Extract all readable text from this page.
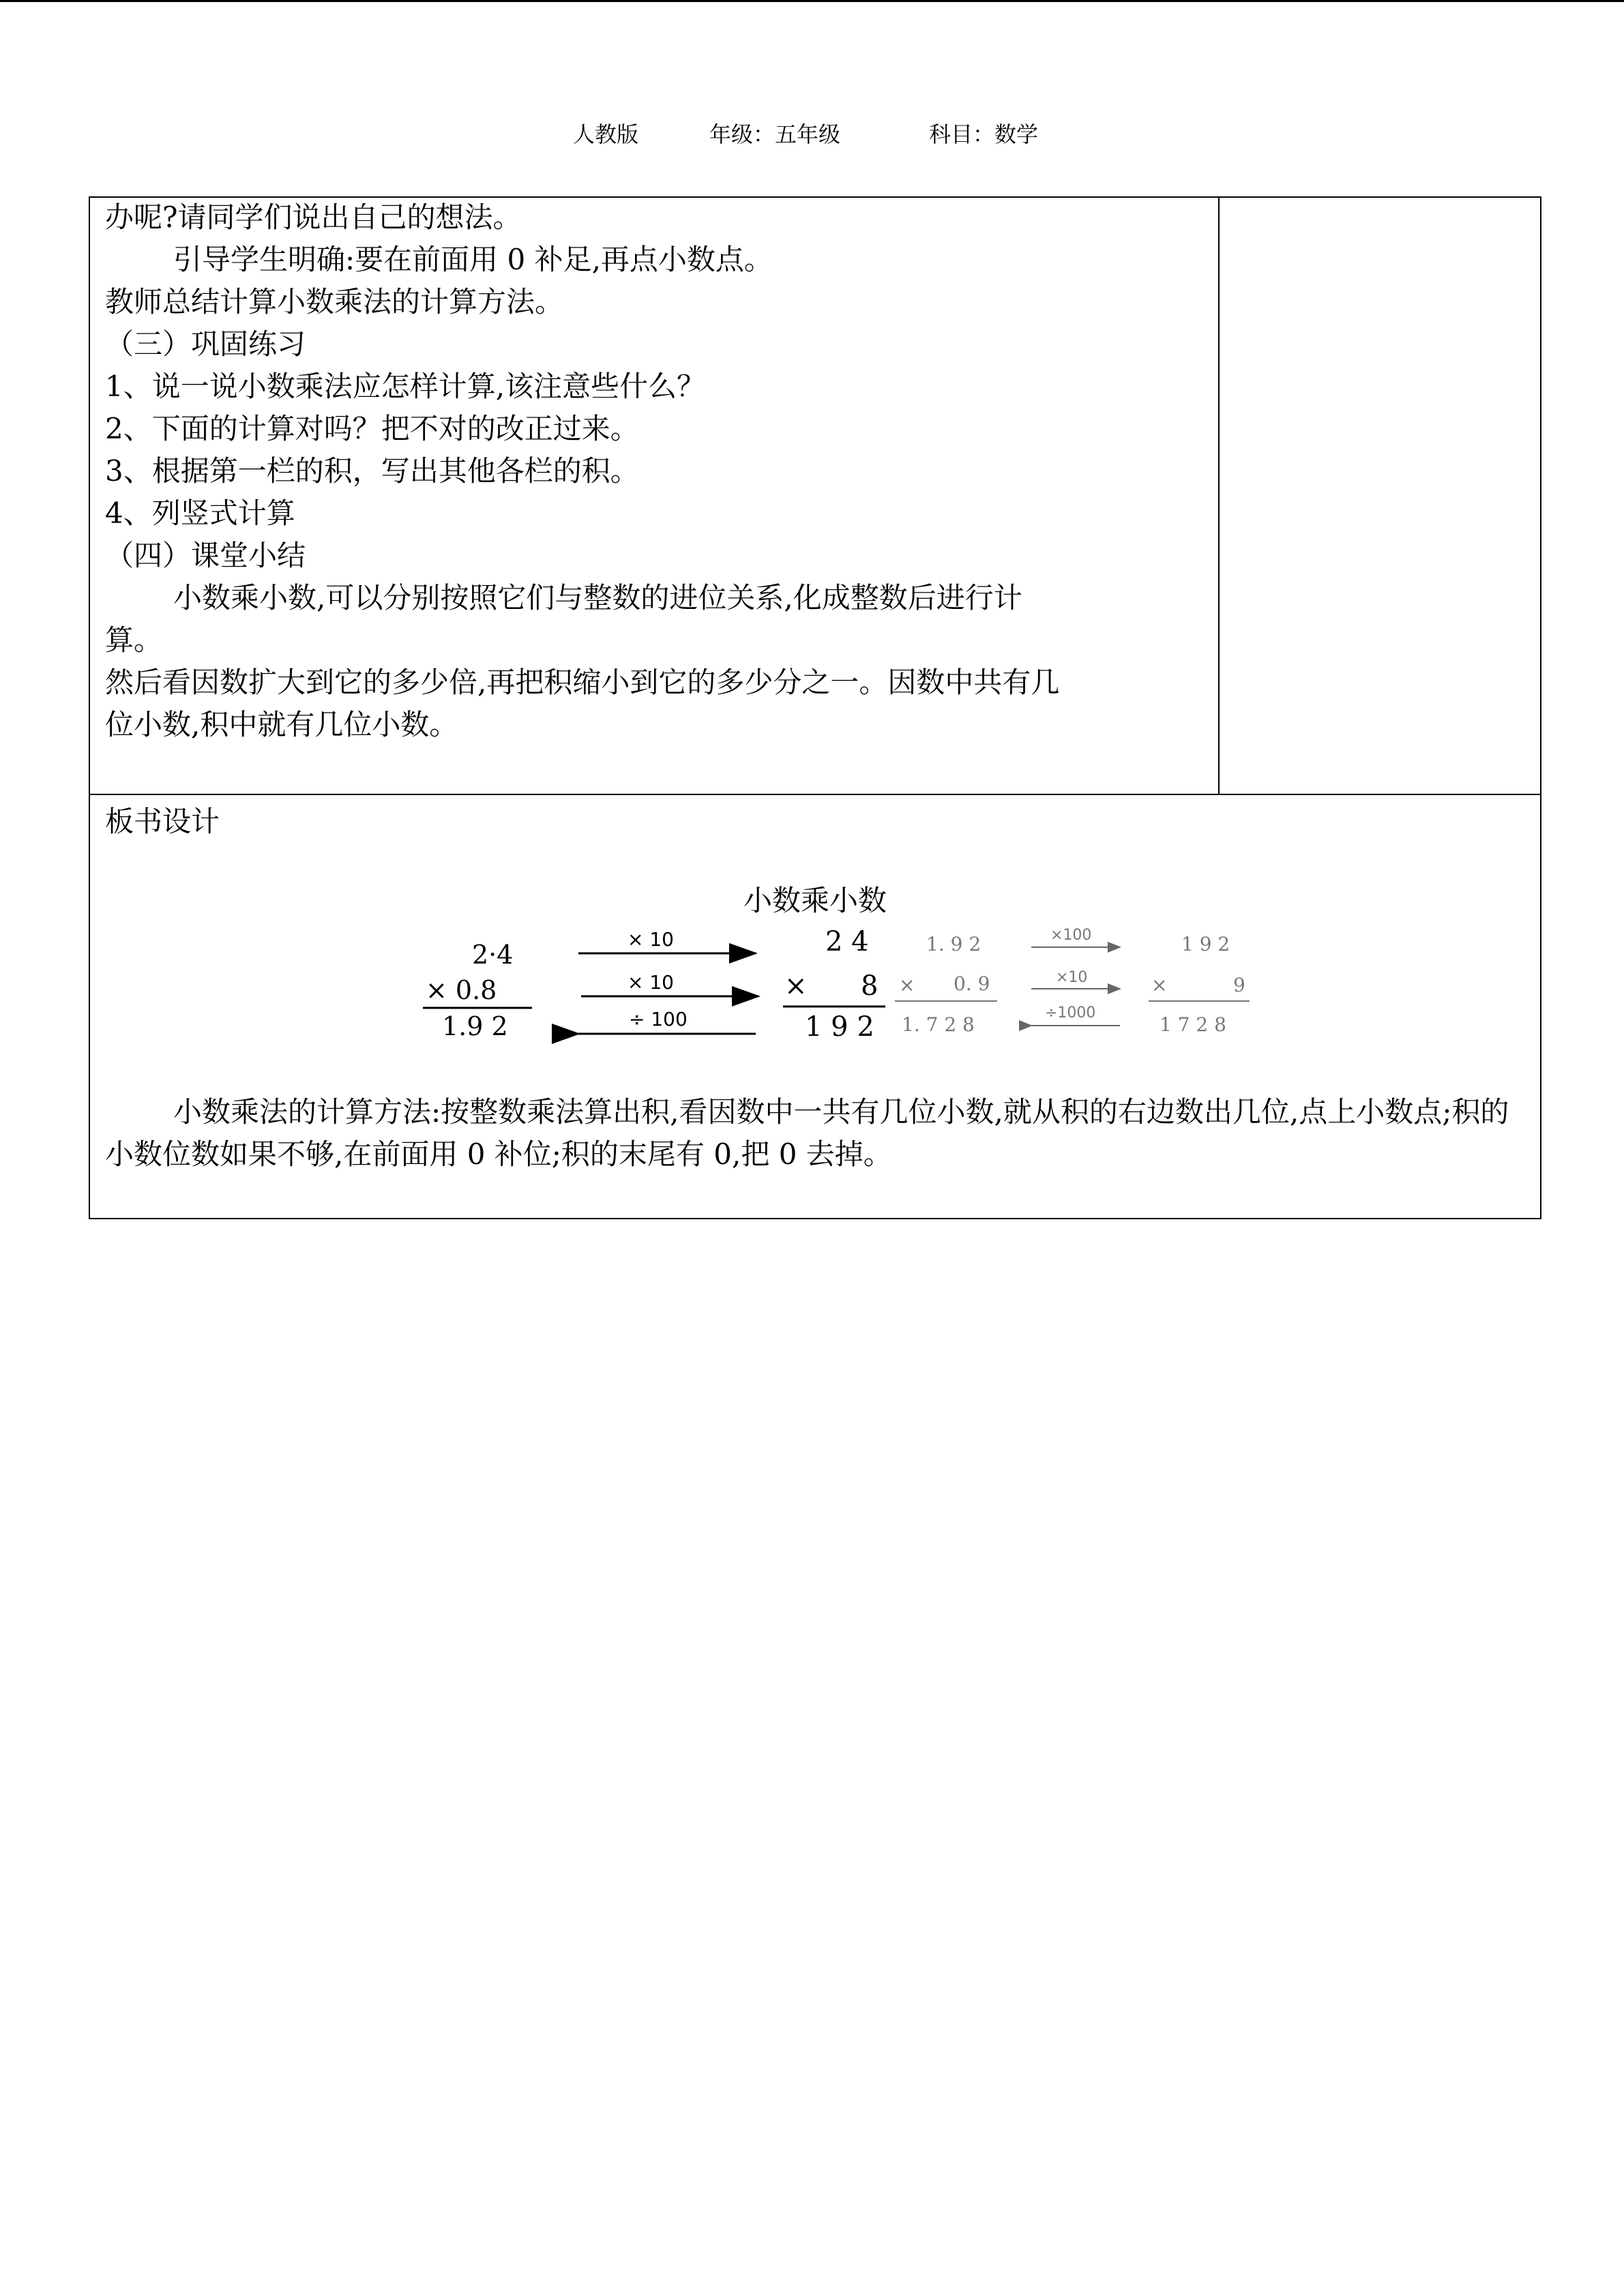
人教版	年级：五年级	科目：数学
办呢?请同学们说出自己的想法。
引导学生明确:要在前面用 0 补足,再点小数点。
教师总结计算小数乘法的计算方法。
（三）巩固练习
1、说一说小数乘法应怎样计算,该注意些什么？
2、下面的计算对吗？把不对的改正过来。
3、根据第一栏的积，写出其他各栏的积。
4、列竖式计算
（四）课堂小结
小数乘小数,可以分别按照它们与整数的进位关系,化成整数后进行计
算。
然后看因数扩大到它的多少倍,再把积缩小到它的多少分之一。因数中共有几
位小数,积中就有几位小数。
板书设计
小数乘小数
2·4
× 0.8
1.9 2
× 10
× 10
÷ 100
2 4
× 8
1 9 2
1. 9 2
× 0. 9
1. 7 2 8
×100
×10
÷1000
1 9 2
×	9
1 7 2 8
小数乘法的计算方法:按整数乘法算出积,看因数中一共有几位小数,就从积的右边数出几位,点上小数点;积的小数位数如果不够,在前面用 0 补位;积的末尾有 0,把 0 去掉。
